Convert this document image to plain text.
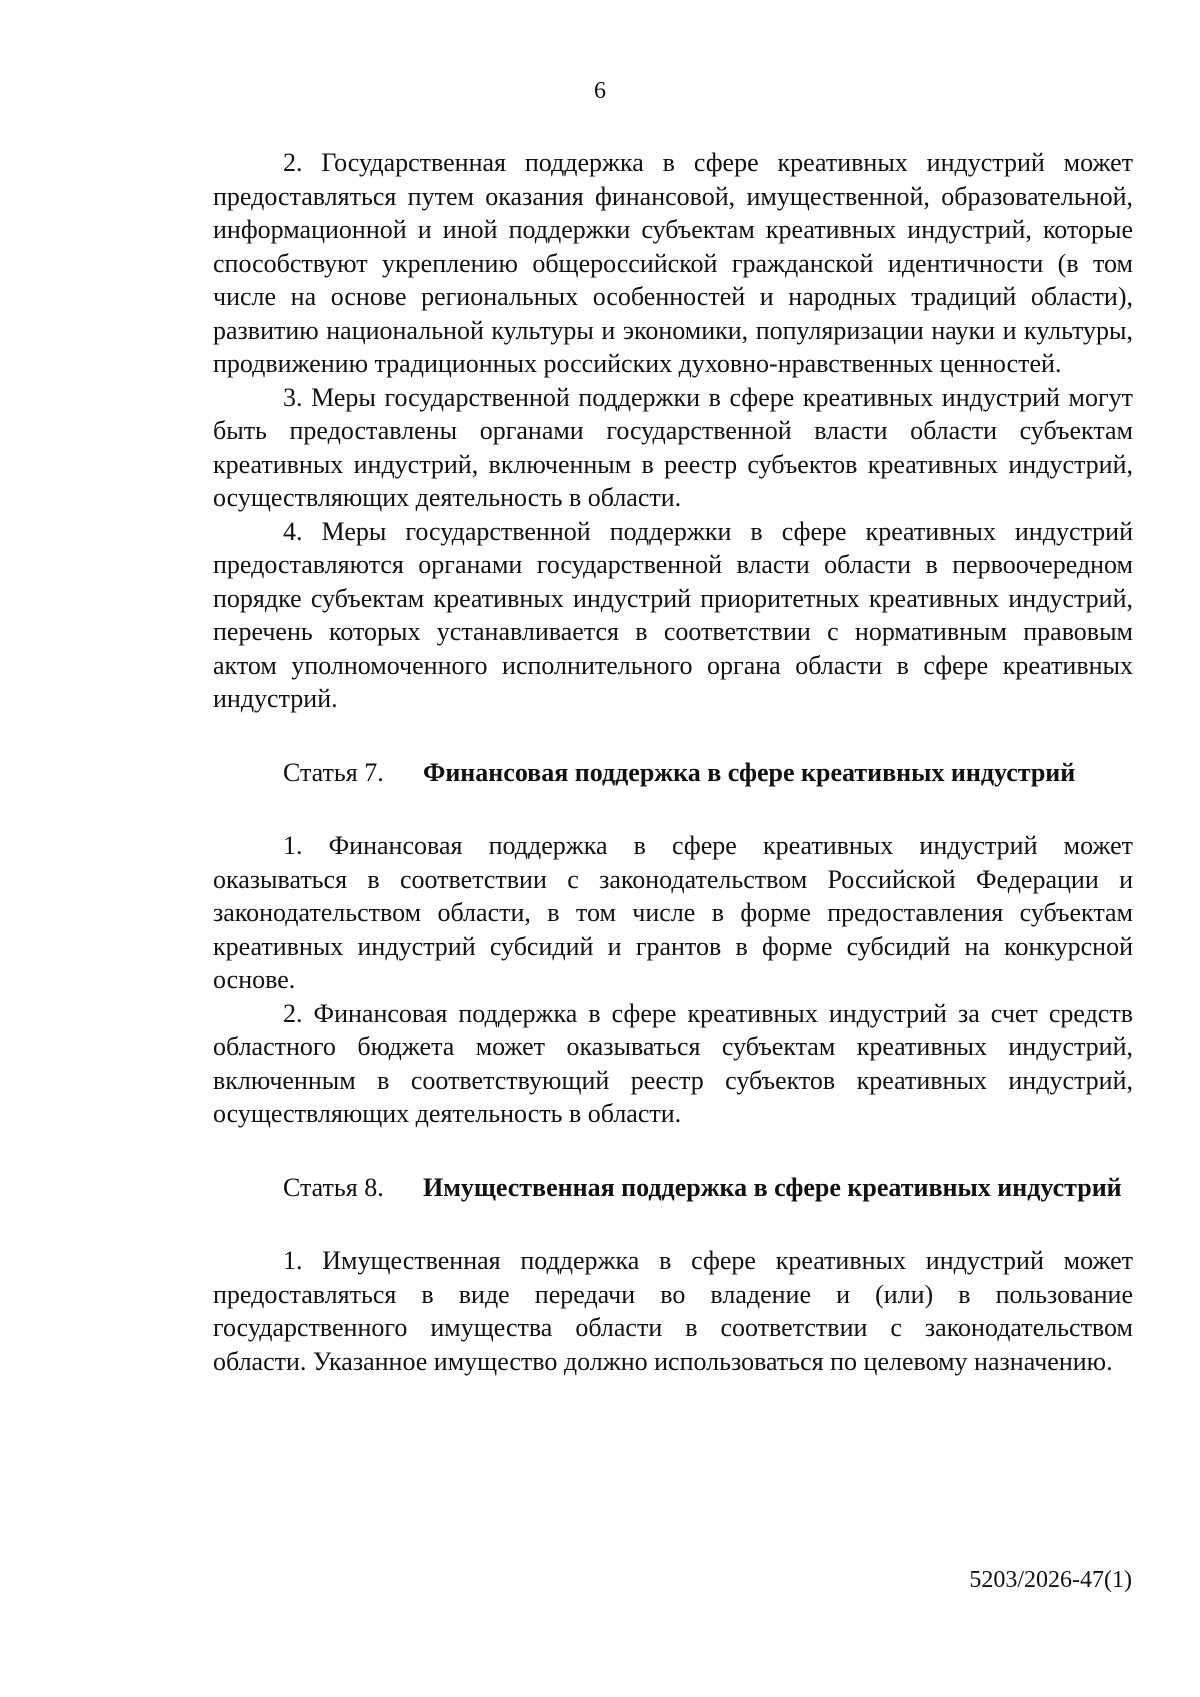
6

2. Государственная поддержка в сфере креативных индустрий может предоставляться путем оказания финансовой, имущественной, образовательной, информационной и иной поддержки субъектам креативных индустрий, которые способствуют укреплению общероссийской гражданской идентичности (в том числе на основе региональных особенностей и народных традиций области), развитию национальной культуры и экономики, популяризации науки и культуры, продвижению традиционных российских духовно-нравственных ценностей.

3. Меры государственной поддержки в сфере креативных индустрий могут быть предоставлены органами государственной власти области субъектам креативных индустрий, включенным в реестр субъектов креативных индустрий, осуществляющих деятельность в области.

4. Меры государственной поддержки в сфере креативных индустрий предоставляются органами государственной власти области в первоочередном порядке субъектам креативных индустрий приоритетных креативных индустрий, перечень которых устанавливается в соответствии с нормативным правовым актом уполномоченного исполнительного органа области в сфере креативных индустрий.

Статья 7.	Финансовая поддержка в сфере креативных индустрий

1. Финансовая поддержка в сфере креативных индустрий может оказываться в соответствии с законодательством Российской Федерации и законодательством области, в том числе в форме предоставления субъектам креативных индустрий субсидий и грантов в форме субсидий на конкурсной основе.

2. Финансовая поддержка в сфере креативных индустрий за счет средств областного бюджета может оказываться субъектам креативных индустрий, включенным в соответствующий реестр субъектов креативных индустрий, осуществляющих деятельность в области.

Статья 8.	Имущественная поддержка в сфере креативных индустрий

1. Имущественная поддержка в сфере креативных индустрий может предоставляться в виде передачи во владение и (или) в пользование государственного имущества области в соответствии с законодательством области. Указанное имущество должно использоваться по целевому назначению.

5203/2026-47(1)
